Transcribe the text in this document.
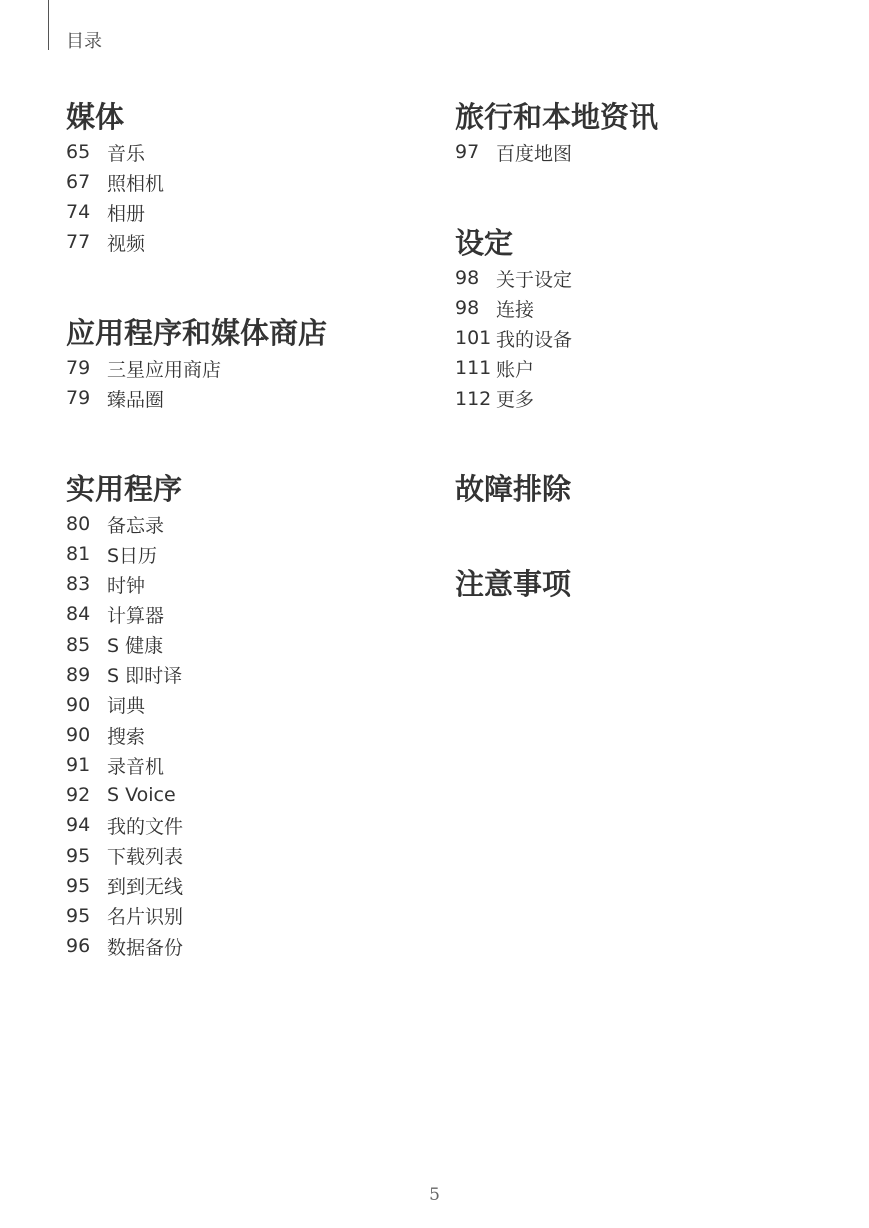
目录
媒体
65 音乐
67 照相机
74 相册
77 视频
应用程序和媒体商店
79 三星应用商店
79 臻品圈
实用程序
80 备忘录
81 S日历
83 时钟
84 计算器
85 S 健康
89 S 即时译
90 词典
90 搜索
91 录音机
92 S Voice
94 我的文件
95 下载列表
95 到到无线
95 名片识别
96 数据备份
旅行和本地资讯
97 百度地图
设定
98 关于设定
98 连接
101 我的设备
111 账户
112 更多
故障排除
注意事项
5
